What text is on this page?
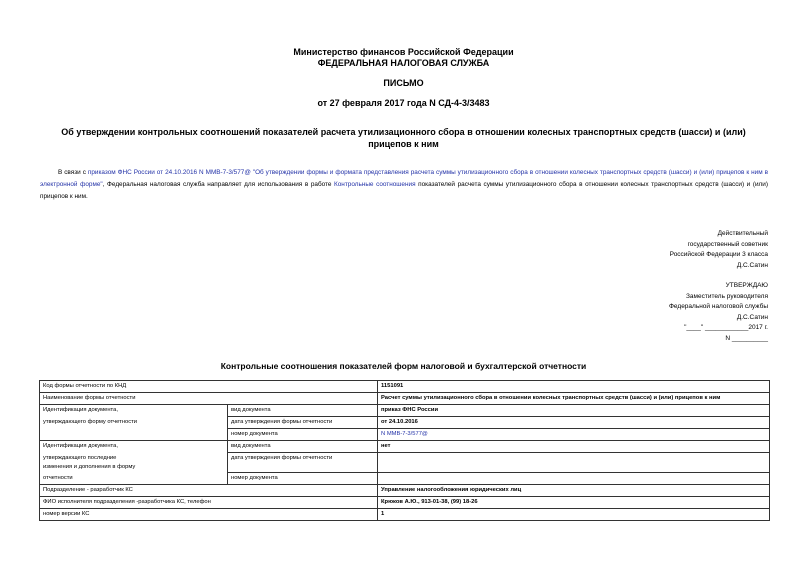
Министерство финансов Российской Федерации
ФЕДЕРАЛЬНАЯ НАЛОГОВАЯ СЛУЖБА
ПИСЬМО
от 27 февраля 2017 года N СД-4-3/3483
Об утверждении контрольных соотношений показателей расчета утилизационного сбора в отношении колесных транспортных средств (шасси) и (или) прицепов к ним
В связи с приказом ФНС России от 24.10.2016 N ММВ-7-3/577@ "Об утверждении формы и формата представления расчета суммы утилизационного сбора в отношении колесных транспортных средств (шасси) и (или) прицепов к ним в электронной форме", Федеральная налоговая служба направляет для использования в работе Контрольные соотношения показателей расчета суммы утилизационного сбора в отношении колесных транспортных средств (шасси) и (или) прицепов к ним.
Действительный
государственный советник
Российской Федерации 3 класса
Д.С.Сатин
УТВЕРЖДАЮ
Заместитель руководителя
Федеральной налоговой службы
Д.С.Сатин
"____" ____________2017 г.
N __________
Контрольные соотношения показателей форм налоговой и бухгалтерской отчетности
Код формы отчетности по КНД		1151091
Наименование формы отчетности		Расчет суммы утилизационного сбора в отношении колесных транспортных средств (шасси) и (или) прицепов к ним
Идентификация документа,	вид документа	приказ ФНС России
утверждающего форму отчетности	дата утверждения формы отчетности	от 24.10.2016
	номер документа	N ММВ-7-3/577@
Идентификация документа,	вид документа	нет
утверждающего последние
изменения и дополнения в форму	дата утверждения формы отчетности	
отчетности	номер документа	
Подразделение - разработчик КС		Управление налогообложения юридических лиц
ФИО исполнителя подразделения -разработчика КС, телефон		Крюков А.Ю., 913-01-38, (99) 18-26
номер версии КС		1
